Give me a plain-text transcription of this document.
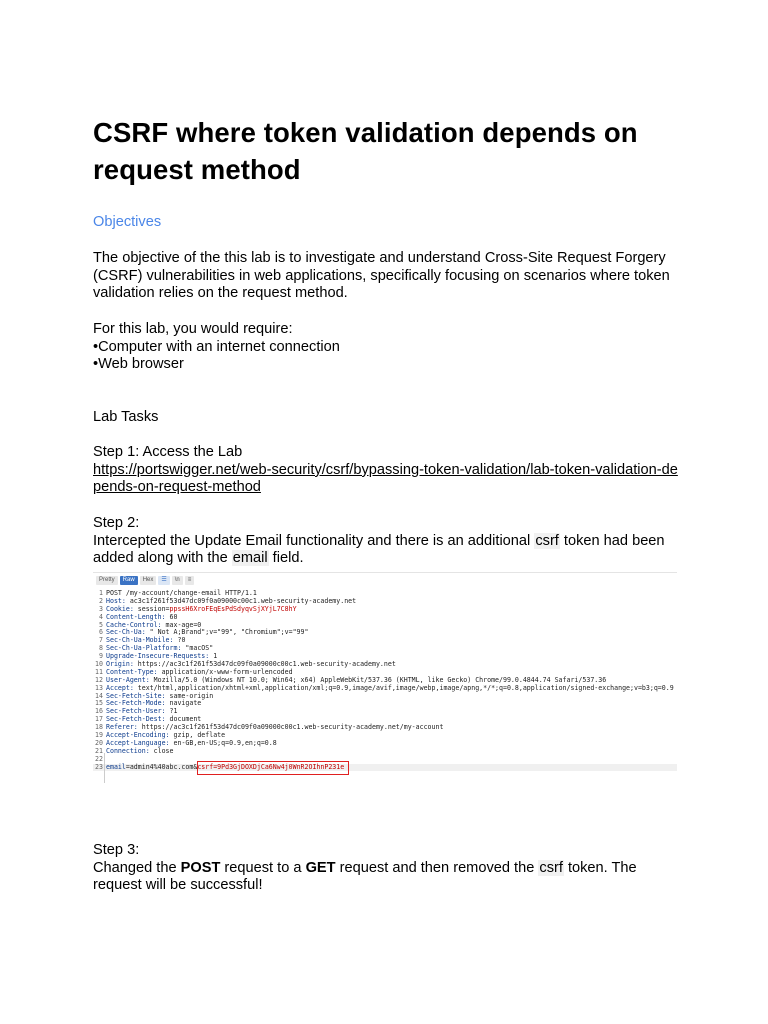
CSRF where token validation depends on request method
Objectives

The objective of the this lab is to investigate and understand Cross-Site Request Forgery (CSRF) vulnerabilities in web applications, specifically focusing on scenarios where token validation relies on the request method.

For this lab, you would require:
•Computer with an internet connection
•Web browser
Lab Tasks
Step 1: Access the Lab
https://portswigger.net/web-security/csrf/bypassing-token-validation/lab-token-validation-depends-on-request-method
Step 2:
Intercepted the Update Email functionality and there is an additional csrf token had been added along with the email field.
Pretty	Raw	Hex	☰	\n	≡
1 POST /my-account/change-email HTTP/1.1
2 Host: ac3c1f261f53d47dc09f0a09000c00c1.web-security-academy.net
3 Cookie: session=ppssH6XroFEqEsPdSdyqvSjXYjL7C8hY
4 Content-Length: 60
5 Cache-Control: max-age=0
6 Sec-Ch-Ua: " Not A;Brand";v="99", "Chromium";v="99"
7 Sec-Ch-Ua-Mobile: ?0
8 Sec-Ch-Ua-Platform: "macOS"
9 Upgrade-Insecure-Requests: 1
10 Origin: https://ac3c1f261f53d47dc09f0a09000c00c1.web-security-academy.net
11 Content-Type: application/x-www-form-urlencoded
12 User-Agent: Mozilla/5.0 (Windows NT 10.0; Win64; x64) AppleWebKit/537.36 (KHTML, like Gecko) Chrome/99.0.4844.74 Safari/537.36
13 Accept: text/html,application/xhtml+xml,application/xml;q=0.9,image/avif,image/webp,image/apng,*/*;q=0.8,application/signed-exchange;v=b3;q=0.9
14 Sec-Fetch-Site: same-origin
15 Sec-Fetch-Mode: navigate
16 Sec-Fetch-User: ?1
17 Sec-Fetch-Dest: document
18 Referer: https://ac3c1f261f53d47dc09f0a09000c00c1.web-security-academy.net/my-account
19 Accept-Encoding: gzip, deflate
20 Accept-Language: en-GB,en-US;q=0.9,en;q=0.8
21 Connection: close
22
23 email=admin4%40abc.com&csrf=9Pd3GjDOXDjCa6Nw4j0WnR2OIhnP231e
Step 3:
Changed the POST request to a GET request and then removed the csrf token. The request will be successful!
